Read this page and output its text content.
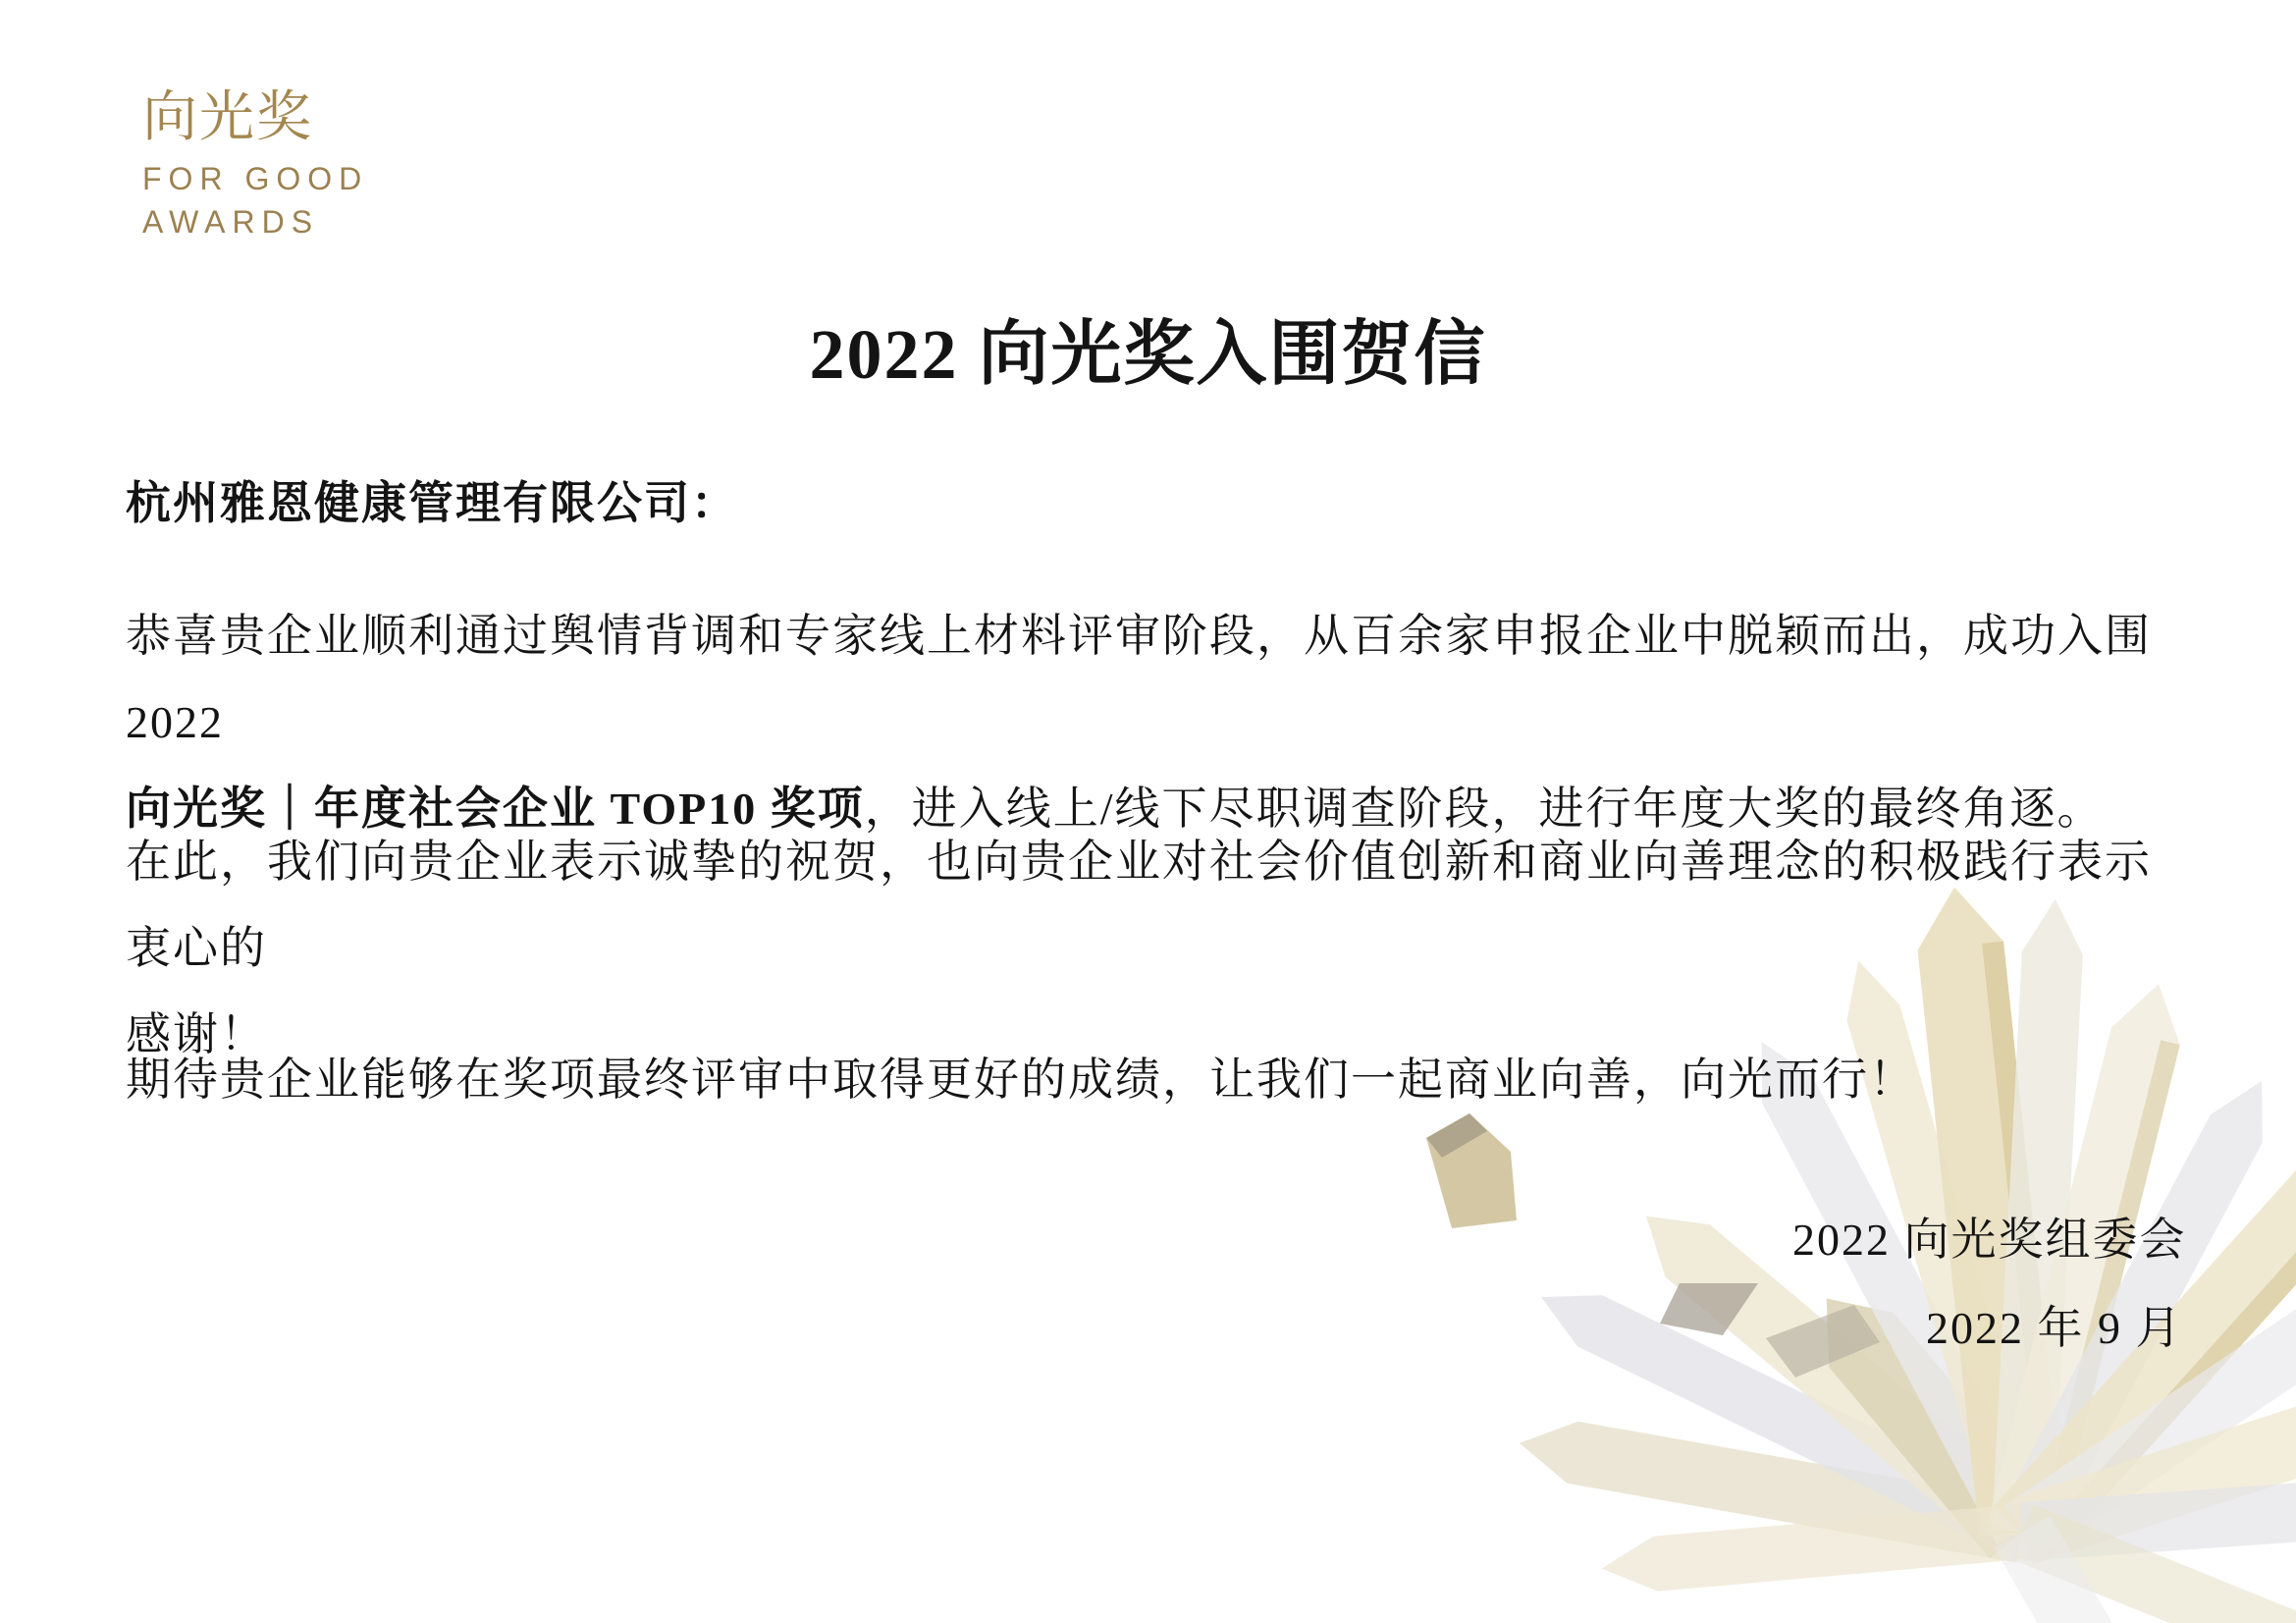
向光奖
FOR GOOD
AWARDS
2022 向光奖入围贺信
杭州雅恩健康管理有限公司：
恭喜贵企业顺利通过舆情背调和专家线上材料评审阶段，从百余家申报企业中脱颖而出，成功入围 2022
向光奖｜年度社会企业 TOP10 奖项，进入线上/线下尽职调查阶段，进行年度大奖的最终角逐。
在此，我们向贵企业表示诚挚的祝贺，也向贵企业对社会价值创新和商业向善理念的积极践行表示衷心的
感谢！
期待贵企业能够在奖项最终评审中取得更好的成绩，让我们一起商业向善，向光而行！
2022 向光奖组委会
2022 年 9 月
